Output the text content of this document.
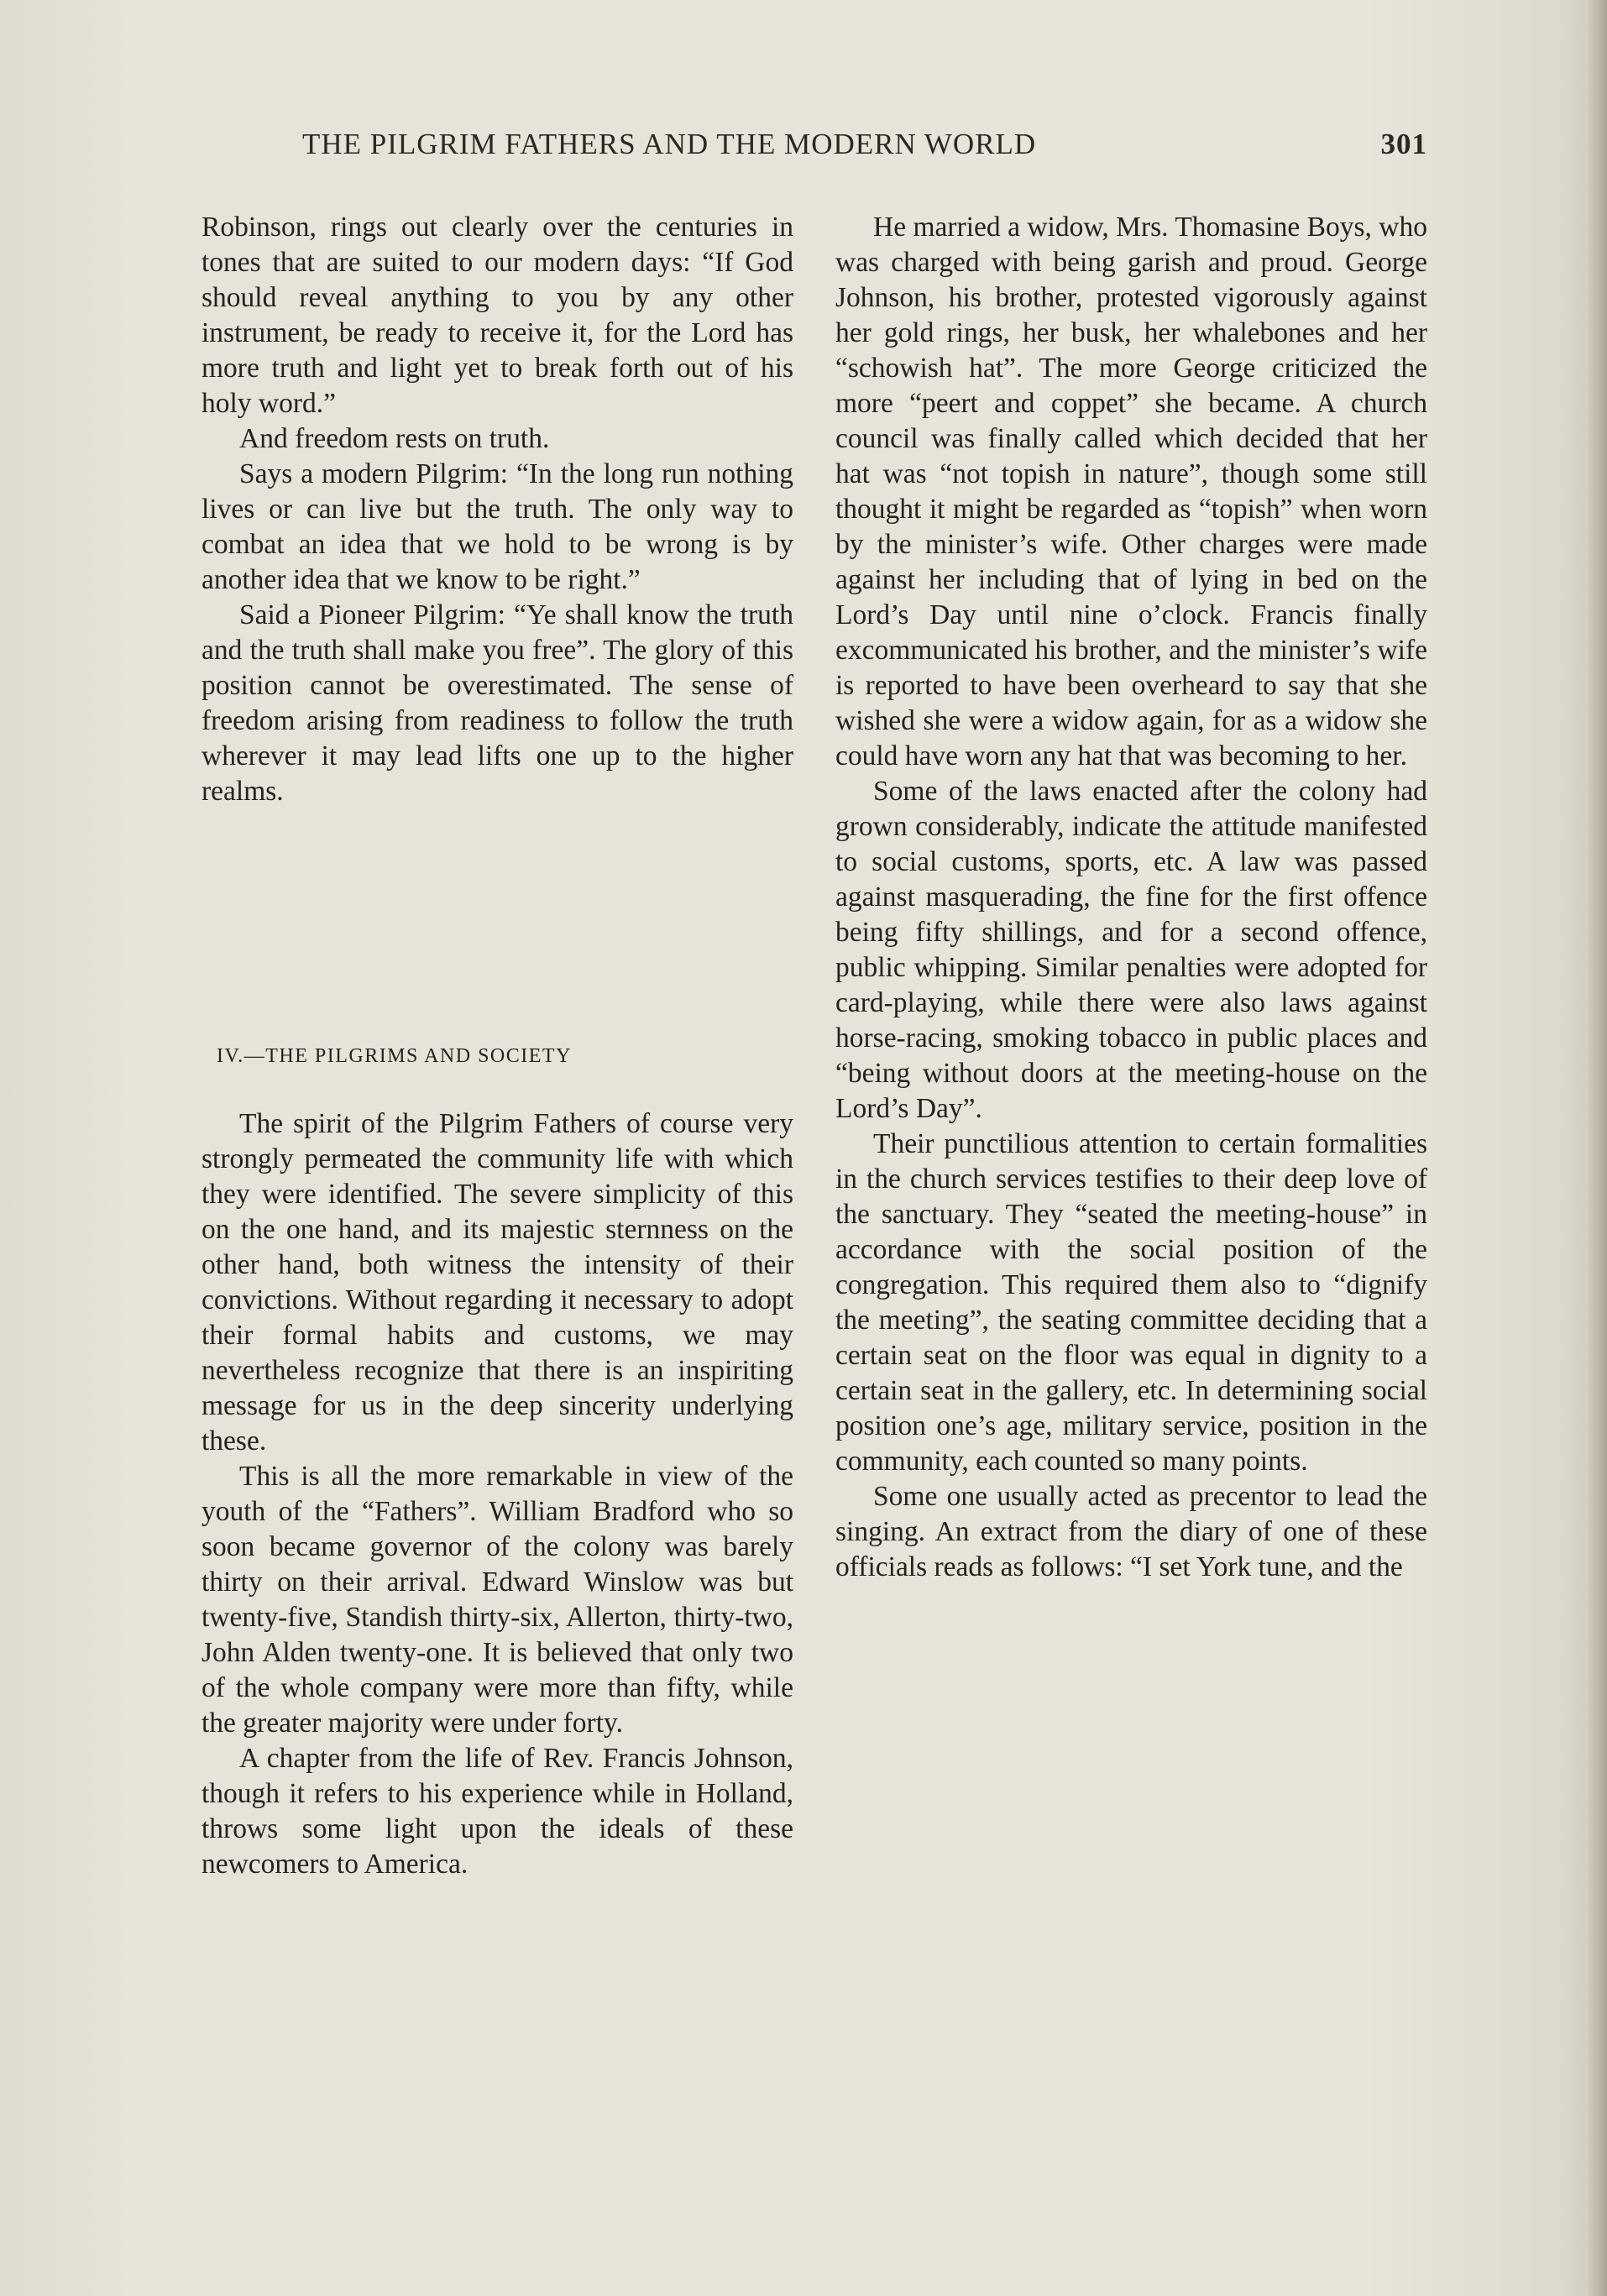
THE PILGRIM FATHERS AND THE MODERN WORLD	301

Robinson, rings out clearly over the centuries in tones that are suited to our modern days: “If God should reveal anything to you by any other instrument, be ready to receive it, for the Lord has more truth and light yet to break forth out of his holy word.”

And freedom rests on truth.

Says a modern Pilgrim: “In the long run nothing lives or can live but the truth. The only way to combat an idea that we hold to be wrong is by another idea that we know to be right.”

Said a Pioneer Pilgrim: “Ye shall know the truth and the truth shall make you free”. The glory of this position cannot be overestimated. The sense of freedom arising from readiness to follow the truth wherever it may lead lifts one up to the higher realms.

IV.—THE PILGRIMS AND SOCIETY

The spirit of the Pilgrim Fathers of course very strongly permeated the community life with which they were identified. The severe simplicity of this on the one hand, and its majestic sternness on the other hand, both witness the intensity of their convictions. Without regarding it necessary to adopt their formal habits and customs, we may nevertheless recognize that there is an inspiriting message for us in the deep sincerity underlying these.

This is all the more remarkable in view of the youth of the “Fathers”. William Bradford who so soon became governor of the colony was barely thirty on their arrival. Edward Winslow was but twenty-five, Standish thirty-six, Allerton, thirty-two, John Alden twenty-one. It is believed that only two of the whole company were more than fifty, while the greater majority were under forty.

A chapter from the life of Rev. Francis Johnson, though it refers to his experience while in Holland, throws some light upon the ideals of these newcomers to America.

He married a widow, Mrs. Thomasine Boys, who was charged with being garish and proud. George Johnson, his brother, protested vigorously against her gold rings, her busk, her whalebones and her “schowish hat”. The more George criticized the more “peert and coppet” she became. A church council was finally called which decided that her hat was “not topish in nature”, though some still thought it might be regarded as “topish” when worn by the minister’s wife. Other charges were made against her including that of lying in bed on the Lord’s Day until nine o’clock. Francis finally excommunicated his brother, and the minister’s wife is reported to have been overheard to say that she wished she were a widow again, for as a widow she could have worn any hat that was becoming to her.

Some of the laws enacted after the colony had grown considerably, indicate the attitude manifested to social customs, sports, etc. A law was passed against masquerading, the fine for the first offence being fifty shillings, and for a second offence, public whipping. Similar penalties were adopted for card-playing, while there were also laws against horse-racing, smoking tobacco in public places and “being without doors at the meeting-house on the Lord’s Day”.

Their punctilious attention to certain formalities in the church services testifies to their deep love of the sanctuary. They “seated the meeting-house” in accordance with the social position of the congregation. This required them also to “dignify the meeting”, the seating committee deciding that a certain seat on the floor was equal in dignity to a certain seat in the gallery, etc. In determining social position one’s age, military service, position in the community, each counted so many points.

Some one usually acted as precentor to lead the singing. An extract from the diary of one of these officials reads as follows: “I set York tune, and the
